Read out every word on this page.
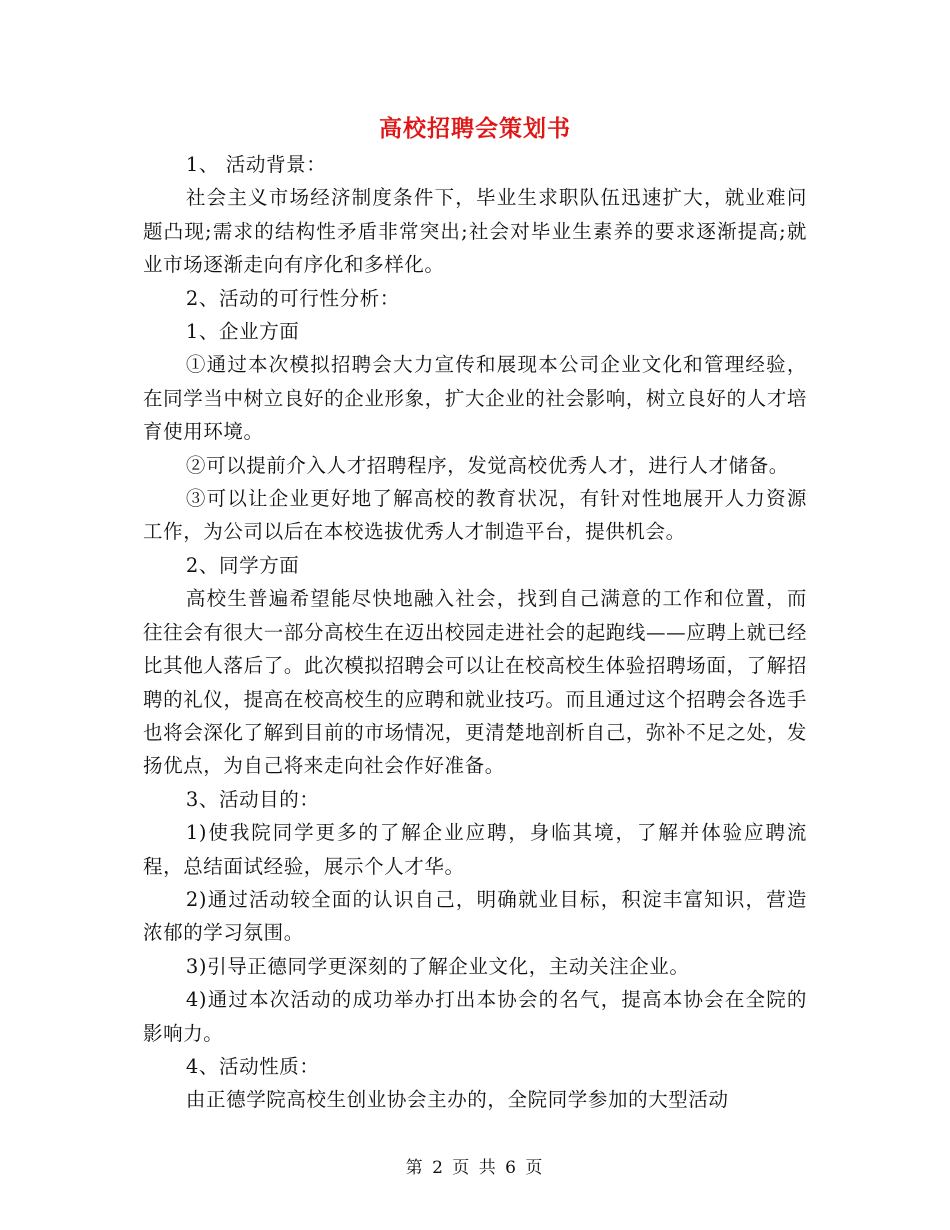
高校招聘会策划书

1、 活动背景：

社会主义市场经济制度条件下，毕业生求职队伍迅速扩大，就业难问题凸现;需求的结构性矛盾非常突出;社会对毕业生素养的要求逐渐提高;就业市场逐渐走向有序化和多样化。

2、活动的可行性分析：

1、企业方面

①通过本次模拟招聘会大力宣传和展现本公司企业文化和管理经验，在同学当中树立良好的企业形象，扩大企业的社会影响，树立良好的人才培育使用环境。

②可以提前介入人才招聘程序，发觉高校优秀人才，进行人才储备。

③可以让企业更好地了解高校的教育状况，有针对性地展开人力资源工作，为公司以后在本校选拔优秀人才制造平台，提供机会。

2、同学方面

高校生普遍希望能尽快地融入社会，找到自己满意的工作和位置，而往往会有很大一部分高校生在迈出校园走进社会的起跑线——应聘上就已经比其他人落后了。此次模拟招聘会可以让在校高校生体验招聘场面，了解招聘的礼仪，提高在校高校生的应聘和就业技巧。而且通过这个招聘会各选手也将会深化了解到目前的市场情况，更清楚地剖析自己，弥补不足之处，发扬优点，为自己将来走向社会作好准备。

3、活动目的：

1)使我院同学更多的了解企业应聘，身临其境，了解并体验应聘流程，总结面试经验，展示个人才华。

2)通过活动较全面的认识自己，明确就业目标，积淀丰富知识，营造浓郁的学习氛围。

3)引导正德同学更深刻的了解企业文化，主动关注企业。

4)通过本次活动的成功举办打出本协会的名气，提高本协会在全院的影响力。

4、活动性质：

由正德学院高校生创业协会主办的，全院同学参加的大型活动

第 2 页 共 6 页
